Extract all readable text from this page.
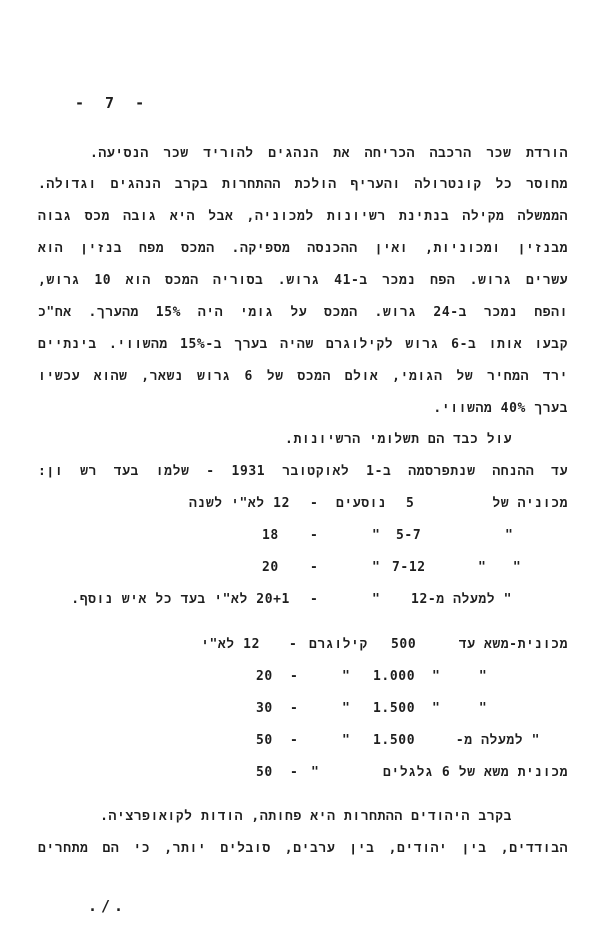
- 7 -
הורדת שכר הרכבה הכריחה את הנהגים להוריד שכר הנסיעה.
מחוסר כל קונטרולה והעריף הולכת ההתחרות בקרב הנהגים וגדולה.
הממשלה מקילה בנתינת רשיונות למכוניה, אבל היא גובה מכס גבוה
מבנזין ומכוניות, ואין ההכנסה מספיקה. המכס מפח בנזין הוא
עשרים גרוש. הפח נמכר ב-41 גרוש. בסוריה המכס הוא 10 גרוש,
והפח נמכר ב-24 גרוש. המכס על גומי היה 15% מהערך. אח"כ
קבעו אותו ב-6 גרוש לקילוגרם שהיה בערך ב-15% מהשווי. בינתיים
ירד המחיר של הגומי, אולם המכס של 6 גרוש נשאר, שהוא עכשיו
בערך 40% מהשווי.
עול כבד הם תשלומי הרשיונות.
עד ההנחה שנתפרסמה ב-1 לאוקטובר 1931 - שלמו בעד רש ון:
מכוניה של
5
נוסעים
-
12 לא"י לשנה
"
5-7
"
-
18
" "
7-12
"
-
20
" למעלה מ-12
"
-
20+1 לא"י בעד כל איש נוסף.
מכונית-משא עד
500
קילוגרם
-
12 לא"י
" "
1.000
"
-
20
" "
1.500
"
-
30
" למעלה מ-
1.500
"
-
50
מכונית משא של 6 גלגלים
"
-
50
בקרב היהודים ההתחרות היא פחותה, הודות לקואופרציה.
הבודדים, בין יהודים, בין ערבים, סובלים יותר, כי הם מתחרים
./.
